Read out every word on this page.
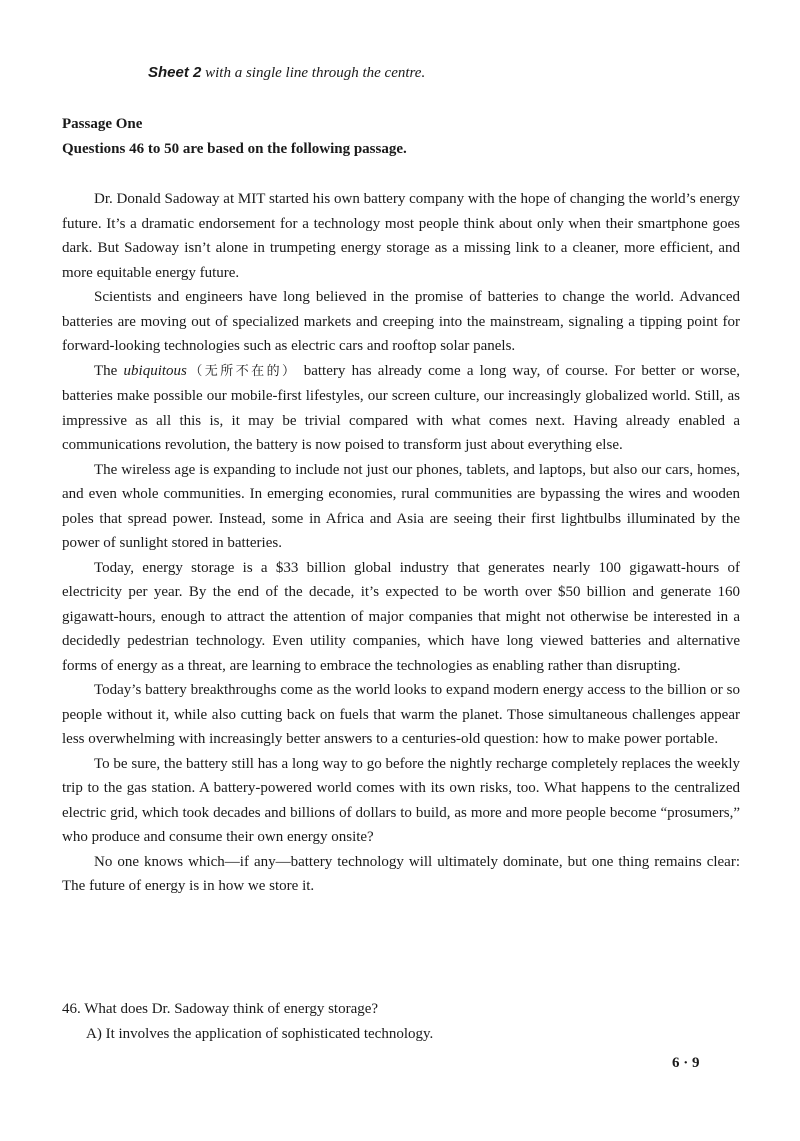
Sheet 2 with a single line through the centre.
Passage One
Questions 46 to 50 are based on the following passage.

Dr. Donald Sadoway at MIT started his own battery company with the hope of changing the world’s energy future. It’s a dramatic endorsement for a technology most people think about only when their smartphone goes dark. But Sadoway isn’t alone in trumpeting energy storage as a missing link to a cleaner, more efficient, and more equitable energy future.

Scientists and engineers have long believed in the promise of batteries to change the world. Advanced batteries are moving out of specialized markets and creeping into the mainstream, signaling a tipping point for forward-looking technologies such as electric cars and rooftop solar panels.

The ubiquitous（无所不在的） battery has already come a long way, of course. For better or worse, batteries make possible our mobile-first lifestyles, our screen culture, our increasingly globalized world. Still, as impressive as all this is, it may be trivial compared with what comes next. Having already enabled a communications revolution, the battery is now poised to transform just about everything else.

The wireless age is expanding to include not just our phones, tablets, and laptops, but also our cars, homes, and even whole communities. In emerging economies, rural communities are bypassing the wires and wooden poles that spread power. Instead, some in Africa and Asia are seeing their first lightbulbs illuminated by the power of sunlight stored in batteries.

Today, energy storage is a $33 billion global industry that generates nearly 100 gigawatt-hours of electricity per year. By the end of the decade, it’s expected to be worth over $50 billion and generate 160 gigawatt-hours, enough to attract the attention of major companies that might not otherwise be interested in a decidedly pedestrian technology. Even utility companies, which have long viewed batteries and alternative forms of energy as a threat, are learning to embrace the technologies as enabling rather than disrupting.

Today’s battery breakthroughs come as the world looks to expand modern energy access to the billion or so people without it, while also cutting back on fuels that warm the planet. Those simultaneous challenges appear less overwhelming with increasingly better answers to a centuries-old question: how to make power portable.

To be sure, the battery still has a long way to go before the nightly recharge completely replaces the weekly trip to the gas station. A battery-powered world comes with its own risks, too. What happens to the centralized electric grid, which took decades and billions of dollars to build, as more and more people become “prosumers,” who produce and consume their own energy onsite?

No one knows which—if any—battery technology will ultimately dominate, but one thing remains clear: The future of energy is in how we store it.

46. What does Dr. Sadoway think of energy storage?

A) It involves the application of sophisticated technology.

6 · 9
